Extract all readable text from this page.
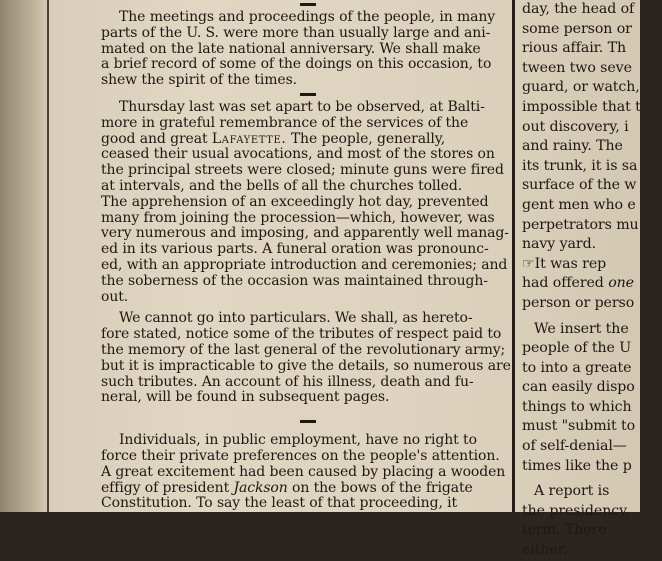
The meetings and proceedings of the people, in many
parts of the U. S. were more than usually large and ani-
mated on the late national anniversary. We shall make
a brief record of some of the doings on this occasion, to
shew the spirit of the times.
Thursday last was set apart to be observed, at Balti-
more in grateful remembrance of the services of the
good and great Lafayette. The people, generally,
ceased their usual avocations, and most of the stores on
the principal streets were closed; minute guns were fired
at intervals, and the bells of all the churches tolled.
The apprehension of an exceedingly hot day, prevented
many from joining the procession—which, however, was
very numerous and imposing, and apparently well manag-
ed in its various parts. A funeral oration was pronounc-
ed, with an appropriate introduction and ceremonies; and
the soberness of the occasion was maintained through-
out.
We cannot go into particulars. We shall, as hereto-
fore stated, notice some of the tributes of respect paid to
the memory of the last general of the revolutionary army;
but it is impracticable to give the details, so numerous are
such tributes. An account of his illness, death and fu-
neral, will be found in subsequent pages.
Individuals, in public employment, have no right to
force their private preferences on the people's attention.
A great excitement had been caused by placing a wooden
effigy of president Jackson on the bows of the frigate
Constitution. To say the least of that proceeding, it
day, the head of
some person or
rious affair. Th
tween two seve
guard, or watch,
impossible that t
out discovery, i
and rainy. The
its trunk, it is sa
surface of the w
gent men who e
perpetrators mu
navy yard.
☞It was rep
had offered one
person or perso
We insert the
people of the U
to into a greate
can easily dispo
things to which
must "submit to
of self-denial—
times like the p
A report is
the presidency,
term. There
either.
